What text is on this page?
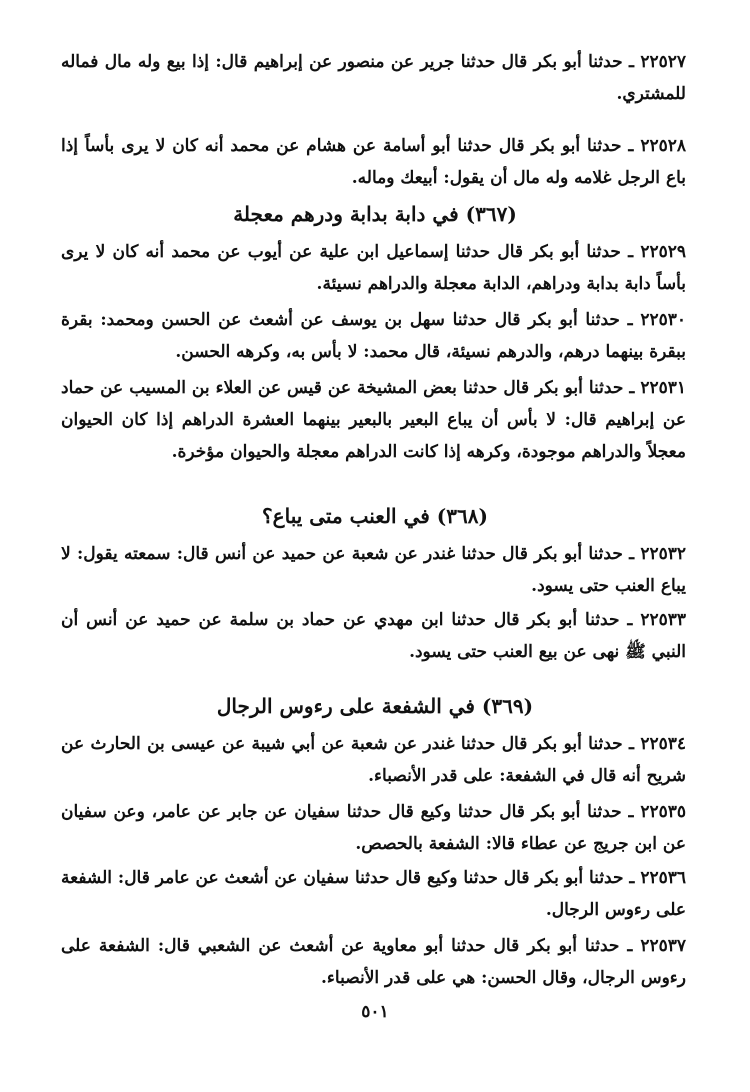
٢٢٥٢٧ ـ حدثنا أبو بكر قال حدثنا جرير عن منصور عن إبراهيم قال: إذا بيع وله مال فماله للمشتري.

٢٢٥٢٨ ـ حدثنا أبو بكر قال حدثنا أبو أسامة عن هشام عن محمد أنه كان لا يرى بأساً إذا باع الرجل غلامه وله مال أن يقول: أبيعك وماله.

(٣٦٧) في دابة بدابة ودرهم معجلة

٢٢٥٢٩ ـ حدثنا أبو بكر قال حدثنا إسماعيل ابن علية عن أيوب عن محمد أنه كان لا يرى بأساً دابة بدابة ودراهم، الدابة معجلة والدراهم نسيئة.

٢٢٥٣٠ ـ حدثنا أبو بكر قال حدثنا سهل بن يوسف عن أشعث عن الحسن ومحمد: بقرة ببقرة بينهما درهم، والدرهم نسيئة، قال محمد: لا بأس به، وكرهه الحسن.

٢٢٥٣١ ـ حدثنا أبو بكر قال حدثنا بعض المشيخة عن قيس عن العلاء بن المسيب عن حماد عن إبراهيم قال: لا بأس أن يباع البعير بالبعير بينهما العشرة الدراهم إذا كان الحيوان معجلاً والدراهم موجودة، وكرهه إذا كانت الدراهم معجلة والحيوان مؤخرة.

(٣٦٨) في العنب متى يباع؟

٢٢٥٣٢ ـ حدثنا أبو بكر قال حدثنا غندر عن شعبة عن حميد عن أنس قال: سمعته يقول: لا يباع العنب حتى يسود.

٢٢٥٣٣ ـ حدثنا أبو بكر قال حدثنا ابن مهدي عن حماد بن سلمة عن حميد عن أنس أن النبي ﷺ نهى عن بيع العنب حتى يسود.

(٣٦٩) في الشفعة على رءوس الرجال

٢٢٥٣٤ ـ حدثنا أبو بكر قال حدثنا غندر عن شعبة عن أبي شيبة عن عيسى بن الحارث عن شريح أنه قال في الشفعة: على قدر الأنصباء.

٢٢٥٣٥ ـ حدثنا أبو بكر قال حدثنا وكيع قال حدثنا سفيان عن جابر عن عامر، وعن سفيان عن ابن جريج عن عطاء قالا: الشفعة بالحصص.

٢٢٥٣٦ ـ حدثنا أبو بكر قال حدثنا وكيع قال حدثنا سفيان عن أشعث عن عامر قال: الشفعة على رءوس الرجال.

٢٢٥٣٧ ـ حدثنا أبو بكر قال حدثنا أبو معاوية عن أشعث عن الشعبي قال: الشفعة على رءوس الرجال، وقال الحسن: هي على قدر الأنصباء.

٥٠١
